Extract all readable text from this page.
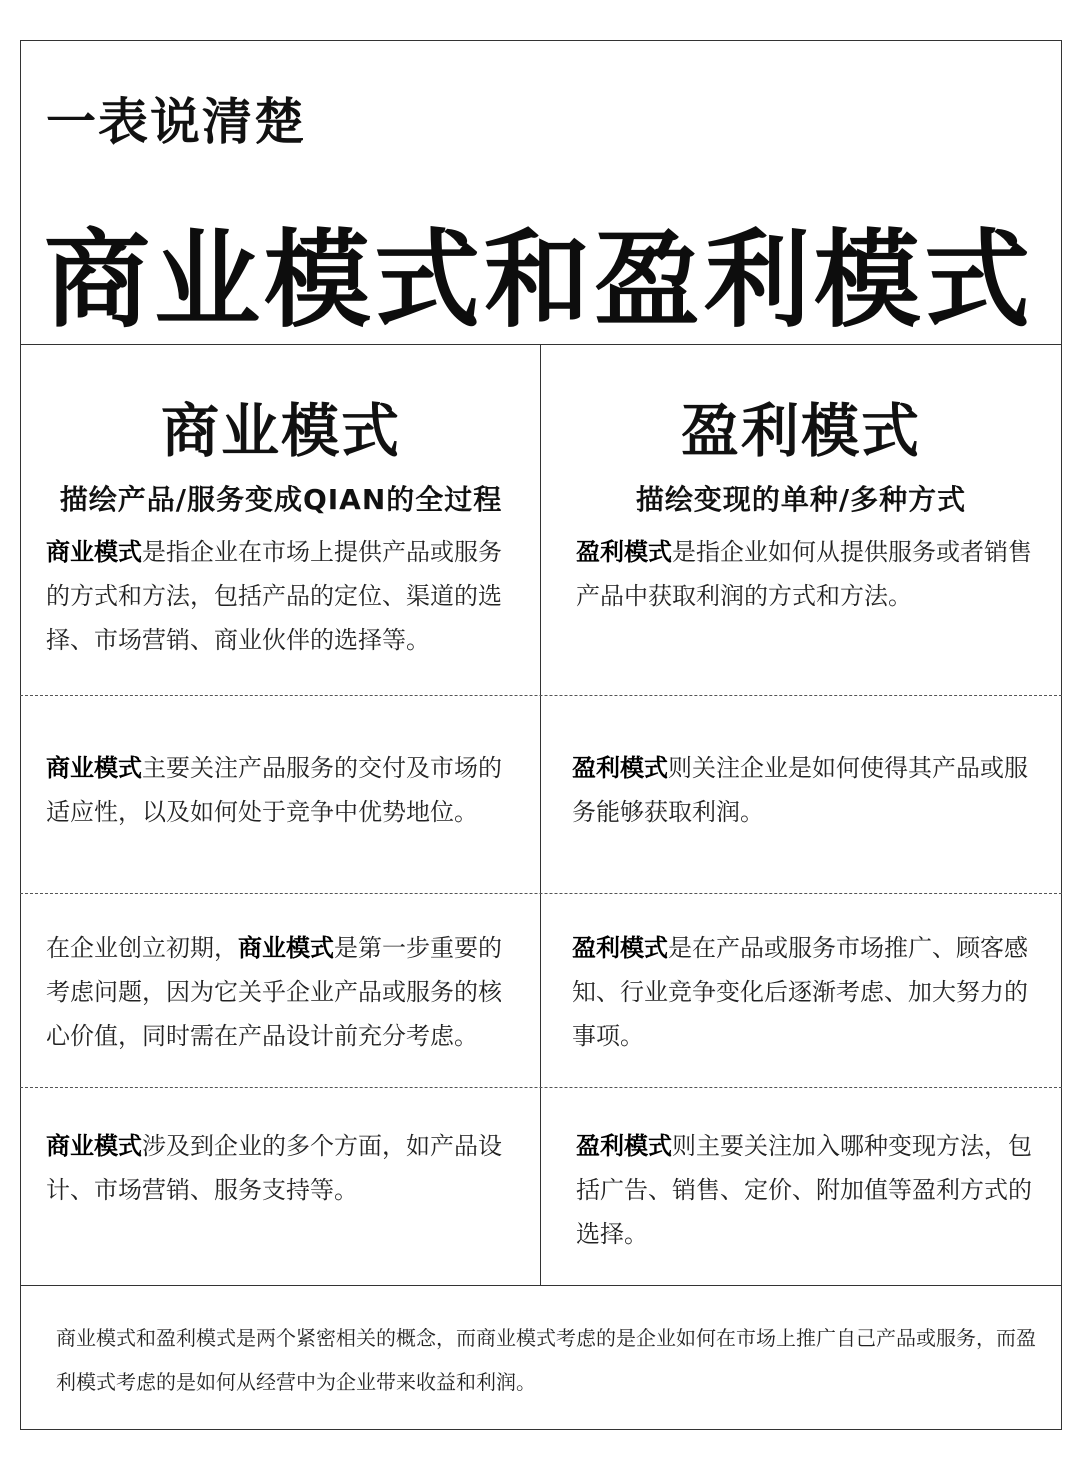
一表说清楚
商业模式和盈利模式
商业模式
描绘产品/服务变成QIAN的全过程
盈利模式
描绘变现的单种/多种方式
商业模式是指企业在市场上提供产品或服务的方式和方法，包括产品的定位、渠道的选择、市场营销、商业伙伴的选择等。
盈利模式是指企业如何从提供服务或者销售产品中获取利润的方式和方法。
商业模式主要关注产品服务的交付及市场的适应性，以及如何处于竞争中优势地位。
盈利模式则关注企业是如何使得其产品或服务能够获取利润。
在企业创立初期，商业模式是第一步重要的考虑问题，因为它关乎企业产品或服务的核心价值，同时需在产品设计前充分考虑。
盈利模式是在产品或服务市场推广、顾客感知、行业竞争变化后逐渐考虑、加大努力的事项。
商业模式涉及到企业的多个方面，如产品设计、市场营销、服务支持等。
盈利模式则主要关注加入哪种变现方法，包括广告、销售、定价、附加值等盈利方式的选择。
商业模式和盈利模式是两个紧密相关的概念，而商业模式考虑的是企业如何在市场上推广自己产品或服务，而盈利模式考虑的是如何从经营中为企业带来收益和利润。
